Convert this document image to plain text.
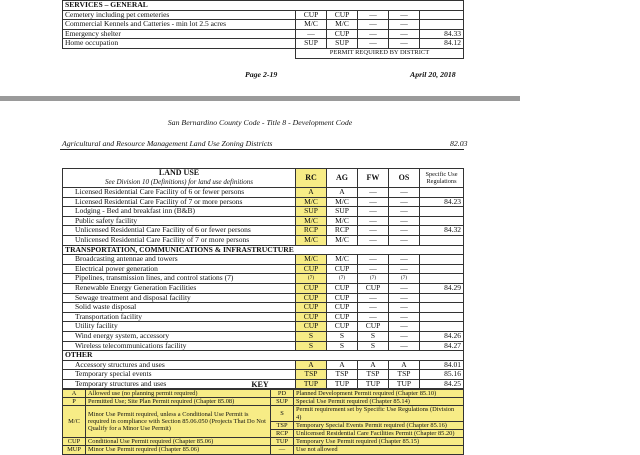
SERVICES – GENERAL					
Cemetery including pet cemeteries	CUP	CUP	—	—	
Commercial Kennels and Catteries - min lot 2.5 acres	M/C	M/C	—	—	
Emergency shelter	—	CUP	—	—	84.33
Home occupation	SUP	SUP	—	—	84.12
	PERMIT REQUIRED BY DISTRICT				
Page 2-19	April 20, 2018
San Bernardino County Code - Title 8 - Development Code
Agricultural and Resource Management Land Use Zoning Districts	82.03
LAND USE
See Division 10 (Definitions) for land use definitions	RC	AG	FW	OS	Specific Use Regulations
Licensed Residential Care Facility of 6 or fewer persons	A	A	—	—	
Licensed Residential Care Facility of 7 or more persons	M/C	M/C	—	—	84.23
Lodging - Bed and breakfast inn (B&B)	SUP	SUP	—	—	
Public safety facility	M/C	M/C	—	—	
Unlicensed Residential Care Facility of 6 or fewer persons	RCP	RCP	—	—	84.32
Unlicensed Residential Care Facility of 7 or more persons	M/C	M/C	—	—	
TRANSPORTATION, COMMUNICATIONS & INFRASTRUCTURE					
Broadcasting antennae and towers	M/C	M/C	—	—	
Electrical power generation	CUP	CUP	—	—	
Pipelines, transmission lines, and control stations (7)	(7)	(7)	(7)	(7)	
Renewable Energy Generation Facilities	CUP	CUP	CUP	—	84.29
Sewage treatment and disposal facility	CUP	CUP	—	—	
Solid waste disposal	CUP	CUP	—	—	
Transportation facility	CUP	CUP	—	—	
Utility facility	CUP	CUP	CUP	—	
Wind energy system, accessory	S	S	S	—	84.26
Wireless telecommunications facility	S	S	S	—	84.27
OTHER					
Accessory structures and uses	A	A	A	A	84.01
Temporary special events	TSP	TSP	TSP	TSP	85.16
Temporary structures and uses	TUP	TUP	TUP	TUP	84.25
KEY
A	Allowed use (no planning permit required)	PD	Planned Development Permit required (Chapter 85.10)
P	Permitted Use; Site Plan Permit required (Chapter 85.08)	SUP	Special Use Permit required (Chapter 85.14)
M/C	Minor Use Permit required, unless a Conditional Use Permit is required in compliance with Section 85.06.050 (Projects That Do Not Qualify for a Minor Use Permit)	S	Permit requirement set by Specific Use Regulations (Division 4)
		TSP	Temporary Special Events Permit required (Chapter 85.16)
		RCP	Unlicensed Residential Care Facilities Permit (Chapter 85.20)
CUP	Conditional Use Permit required (Chapter 85.06)	TUP	Temporary Use Permit required (Chapter 85.15)
MUP	Minor Use Permit required (Chapter 85.06)	—	Use not allowed
